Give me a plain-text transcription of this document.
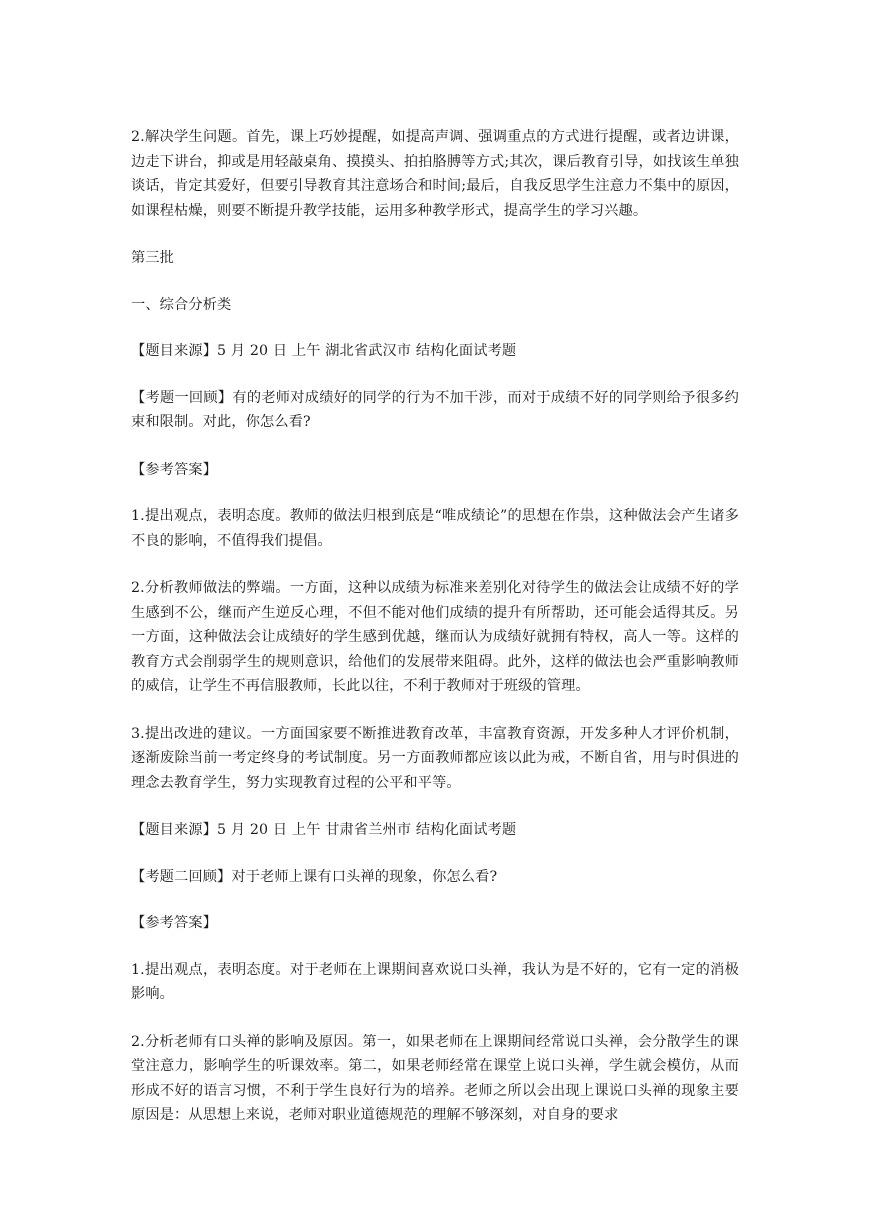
2.解决学生问题。首先，课上巧妙提醒，如提高声调、强调重点的方式进行提醒，或者边讲课，边走下讲台，抑或是用轻敲桌角、摸摸头、拍拍胳膊等方式;其次，课后教育引导，如找该生单独谈话，肯定其爱好，但要引导教育其注意场合和时间;最后，自我反思学生注意力不集中的原因，如课程枯燥，则要不断提升教学技能，运用多种教学形式，提高学生的学习兴趣。

第三批

一、综合分析类

【题目来源】5 月 20 日 上午 湖北省武汉市 结构化面试考题

【考题一回顾】有的老师对成绩好的同学的行为不加干涉，而对于成绩不好的同学则给予很多约束和限制。对此，你怎么看?

【参考答案】

1.提出观点，表明态度。教师的做法归根到底是“唯成绩论”的思想在作祟，这种做法会产生诸多不良的影响，不值得我们提倡。

2.分析教师做法的弊端。一方面，这种以成绩为标准来差别化对待学生的做法会让成绩不好的学生感到不公，继而产生逆反心理，不但不能对他们成绩的提升有所帮助，还可能会适得其反。另一方面，这种做法会让成绩好的学生感到优越，继而认为成绩好就拥有特权，高人一等。这样的教育方式会削弱学生的规则意识，给他们的发展带来阻碍。此外，这样的做法也会严重影响教师的威信，让学生不再信服教师，长此以往，不利于教师对于班级的管理。

3.提出改进的建议。一方面国家要不断推进教育改革，丰富教育资源，开发多种人才评价机制，逐渐废除当前一考定终身的考试制度。另一方面教师都应该以此为戒，不断自省，用与时俱进的理念去教育学生，努力实现教育过程的公平和平等。

【题目来源】5 月 20 日 上午 甘肃省兰州市 结构化面试考题

【考题二回顾】对于老师上课有口头禅的现象，你怎么看?

【参考答案】

1.提出观点，表明态度。对于老师在上课期间喜欢说口头禅，我认为是不好的，它有一定的消极影响。

2.分析老师有口头禅的影响及原因。第一，如果老师在上课期间经常说口头禅，会分散学生的课堂注意力，影响学生的听课效率。第二，如果老师经常在课堂上说口头禅，学生就会模仿，从而形成不好的语言习惯，不利于学生良好行为的培养。老师之所以会出现上课说口头禅的现象主要原因是：从思想上来说，老师对职业道德规范的理解不够深刻，对自身的要求
